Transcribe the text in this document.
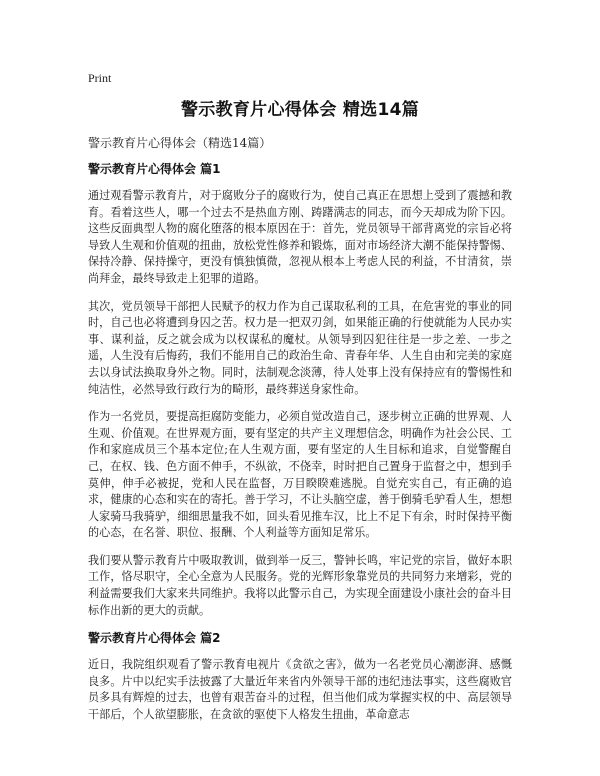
Print
警示教育片心得体会 精选14篇
警示教育片心得体会（精选14篇）
警示教育片心得体会 篇1

通过观看警示教育片，对于腐败分子的腐败行为，使自己真正在思想上受到了震撼和教育。看着这些人，哪一个过去不是热血方刚、踌躇满志的同志，而今天却成为阶下囚。这些反面典型人物的腐化堕落的根本原因在于：首先，党员领导干部背离党的宗旨必将导致人生观和价值观的扭曲，放松党性修养和锻炼，面对市场经济大潮不能保持警惕、保持冷静、保持操守，更没有慎独慎微，忽视从根本上考虑人民的利益，不甘清贫，崇尚拜金，最终导致走上犯罪的道路。

其次，党员领导干部把人民赋予的权力作为自己谋取私利的工具，在危害党的事业的同时，自己也必将遭到身囚之苦。权力是一把双刃剑，如果能正确的行使就能为人民办实事、谋利益，反之就会成为以权谋私的魔杖。从领导到囚犯往往是一步之差、一步之遥，人生没有后悔药，我们不能用自己的政治生命、青春年华、人生自由和完美的家庭去以身试法换取身外之物。同时，法制观念淡薄，待人处事上没有保持应有的警惕性和纯洁性，必然导致行政行为的畸形，最终葬送身家性命。

作为一名党员，要提高拒腐防变能力，必须自觉改造自己，逐步树立正确的世界观、人生观、价值观。在世界观方面，要有坚定的共产主义理想信念，明确作为社会公民、工作和家庭成员三个基本定位;在人生观方面，要有坚定的人生目标和追求，自觉警醒自己，在权、钱、色方面不伸手，不纵欲，不侥幸，时时把自己置身于监督之中，想到手莫伸，伸手必被捉，党和人民在监督，万目睽睽难逃脱。自觉充实自己，有正确的追求，健康的心态和实在的寄托。善于学习，不让头脑空虚，善于倒骑毛驴看人生，想想人家骑马我骑驴，细细思量我不如，回头看见推车汉，比上不足下有余，时时保持平衡的心态，在名誉、职位、报酬、个人利益等方面知足常乐。

我们要从警示教育片中吸取教训，做到举一反三，警钟长鸣，牢记党的宗旨，做好本职工作，恪尽职守，全心全意为人民服务。党的光辉形象靠党员的共同努力来增彩，党的利益需要我们大家来共同维护。我将以此警示自己，为实现全面建设小康社会的奋斗目标作出新的更大的贡献。

警示教育片心得体会 篇2

近日，我院组织观看了警示教育电视片《贪欲之害》，做为一名老党员心潮澎湃、感慨良多。片中以纪实手法披露了大量近年来省内外领导干部的违纪违法事实，这些腐败官员多具有辉煌的过去，也曾有艰苦奋斗的过程，但当他们成为掌握实权的中、高层领导干部后，个人欲望膨胀，在贪欲的驱使下人格发生扭曲，革命意志
